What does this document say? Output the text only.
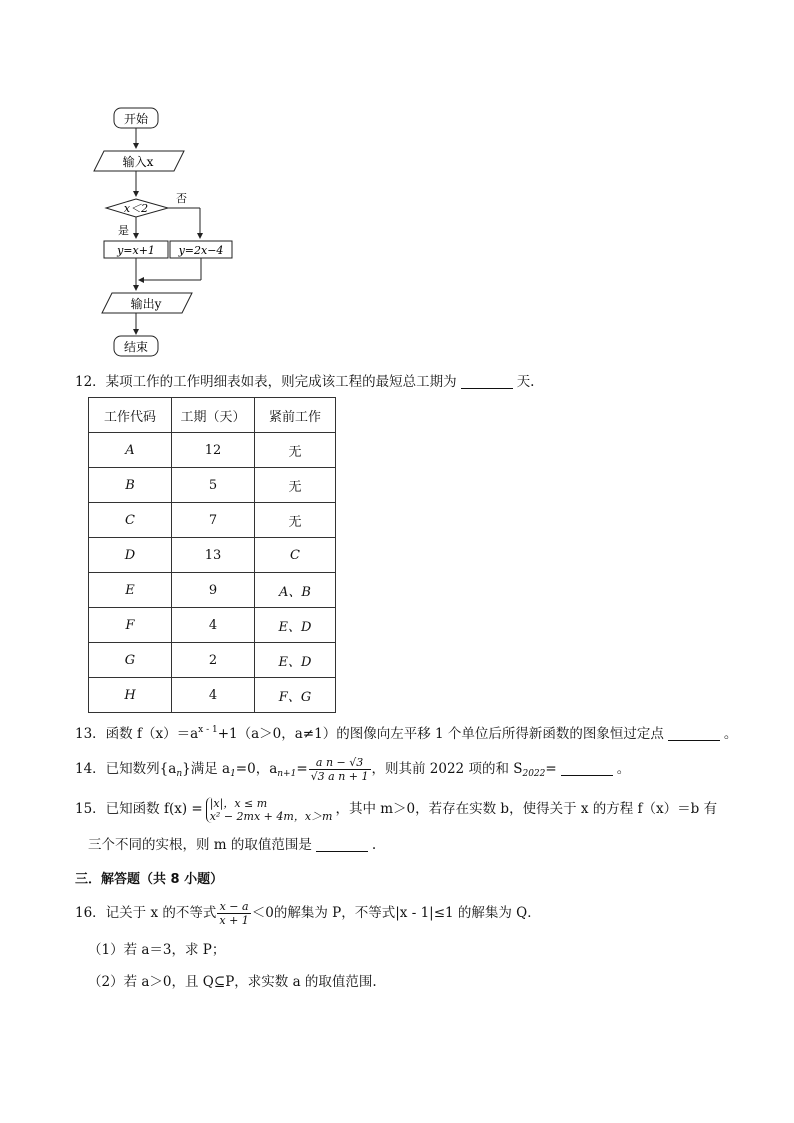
开始
输入x
x＜2
否
是
y=x+1 y=2x−4
输出y
结束
12．某项工作的工作明细表如表，则完成该工程的最短总工期为	天.
工作代码	工期（天）	紧前工作
A	12	无
B	5	无
C	7	无
D	13	C
E	9	A、B
F	4	E、D
G	2	E、D
H	4	F、G
13．函数 $f(x)=a^{x - 1}+1(a>0$，a≠1）的图像向左平移 1 个单位后所得新函数的图象恒过定点	。
14．已知数列$\{a_n\}$满足 $a_1=0$，$a_{n+1}= \frac{\text{a n − √3}}{\text{√3 a n + 1}}$ ，则其前 2022 项的和 $S_{2022}=$	。
15．已知函数 f(x) = |x|，x ≤ m
x² − 2mx + 4m，x＞m ，其中 m＞0，若存在实数 b，使得关于 x 的方程 f（x）＝b 有
三个不同的实根，则 m 的取值范围是	.
三．解答题（共 8 小题）
16．记关于 x 的不等式 $\frac{x - a}{x + 1} <0$的解集为 P，不等式|x - 1|≤1 的解集为 Q．
（1）若 a＝3，求 P；
（2）若 a＞0，且 Q⊆P，求实数 a 的取值范围.
